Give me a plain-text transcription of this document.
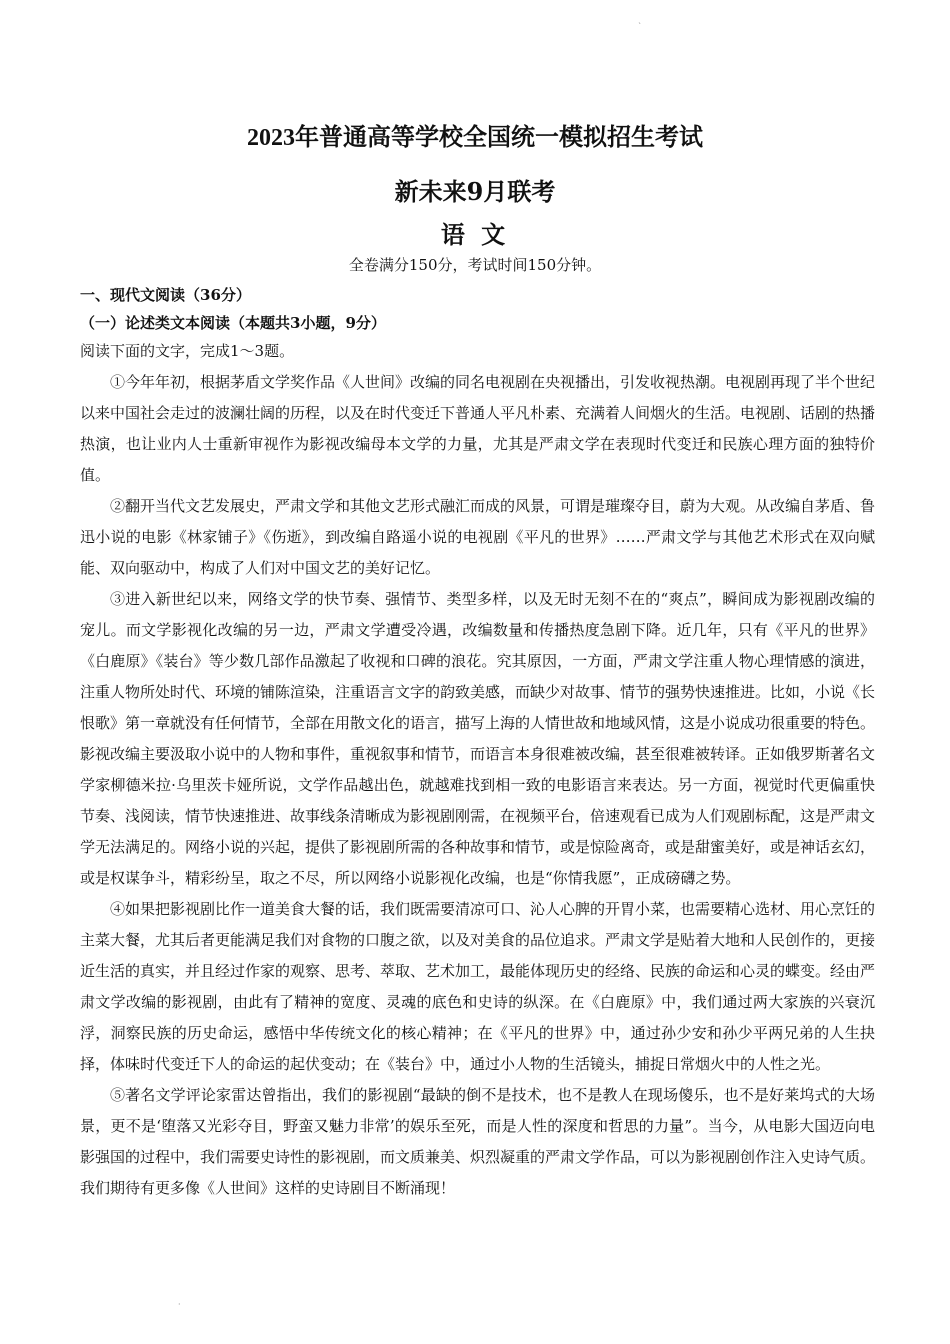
ˋ
2023年普通高等学校全国统一模拟招生考试
新未来9月联考
语 文
全卷满分150分，考试时间150分钟。
一、现代文阅读（36分）
（一）论述类文本阅读（本题共3小题，9分）
阅读下面的文字，完成1～3题。

①今年年初，根据茅盾文学奖作品《人世间》改编的同名电视剧在央视播出，引发收视热潮。电视剧再现了半个世纪以来中国社会走过的波澜壮阔的历程，以及在时代变迁下普通人平凡朴素、充满着人间烟火的生活。电视剧、话剧的热播热演，也让业内人士重新审视作为影视改编母本文学的力量，尤其是严肃文学在表现时代变迁和民族心理方面的独特价值。

②翻开当代文艺发展史，严肃文学和其他文艺形式融汇而成的风景，可谓是璀璨夺目，蔚为大观。从改编自茅盾、鲁迅小说的电影《林家铺子》《伤逝》，到改编自路遥小说的电视剧《平凡的世界》……严肃文学与其他艺术形式在双向赋能、双向驱动中，构成了人们对中国文艺的美好记忆。

③进入新世纪以来，网络文学的快节奏、强情节、类型多样，以及无时无刻不在的“爽点”，瞬间成为影视剧改编的宠儿。而文学影视化改编的另一边，严肃文学遭受冷遇，改编数量和传播热度急剧下降。近几年，只有《平凡的世界》《白鹿原》《装台》等少数几部作品激起了收视和口碑的浪花。究其原因，一方面，严肃文学注重人物心理情感的演进，注重人物所处时代、环境的铺陈渲染，注重语言文字的韵致美感，而缺少对故事、情节的强势快速推进。比如，小说《长恨歌》第一章就没有任何情节，全部在用散文化的语言，描写上海的人情世故和地域风情，这是小说成功很重要的特色。影视改编主要汲取小说中的人物和事件，重视叙事和情节，而语言本身很难被改编，甚至很难被转译。正如俄罗斯著名文学家柳德米拉·乌里茨卡娅所说，文学作品越出色，就越难找到相一致的电影语言来表达。另一方面，视觉时代更偏重快节奏、浅阅读，情节快速推进、故事线条清晰成为影视剧刚需，在视频平台，倍速观看已成为人们观剧标配，这是严肃文学无法满足的。网络小说的兴起，提供了影视剧所需的各种故事和情节，或是惊险离奇，或是甜蜜美好，或是神话玄幻，或是权谋争斗，精彩纷呈，取之不尽，所以网络小说影视化改编，也是“你情我愿”，正成磅礴之势。

④如果把影视剧比作一道美食大餐的话，我们既需要清凉可口、沁人心脾的开胃小菜，也需要精心选材、用心烹饪的主菜大餐，尤其后者更能满足我们对食物的口腹之欲，以及对美食的品位追求。严肃文学是贴着大地和人民创作的，更接近生活的真实，并且经过作家的观察、思考、萃取、艺术加工，最能体现历史的经络、民族的命运和心灵的蝶变。经由严肃文学改编的影视剧，由此有了精神的宽度、灵魂的底色和史诗的纵深。在《白鹿原》中，我们通过两大家族的兴衰沉浮，洞察民族的历史命运，感悟中华传统文化的核心精神；在《平凡的世界》中，通过孙少安和孙少平两兄弟的人生抉择，体味时代变迁下人的命运的起伏变动；在《装台》中，通过小人物的生活镜头，捕捉日常烟火中的人性之光。

⑤著名文学评论家雷达曾指出，我们的影视剧“最缺的倒不是技术，也不是教人在现场傻乐，也不是好莱坞式的大场景，更不是‘堕落又光彩夺目，野蛮又魅力非常’的娱乐至死，而是人性的深度和哲思的力量”。当今，从电影大国迈向电影强国的过程中，我们需要史诗性的影视剧，而文质兼美、炽烈凝重的严肃文学作品，可以为影视剧创作注入史诗气质。我们期待有更多像《人世间》这样的史诗剧目不断涌现！

·
